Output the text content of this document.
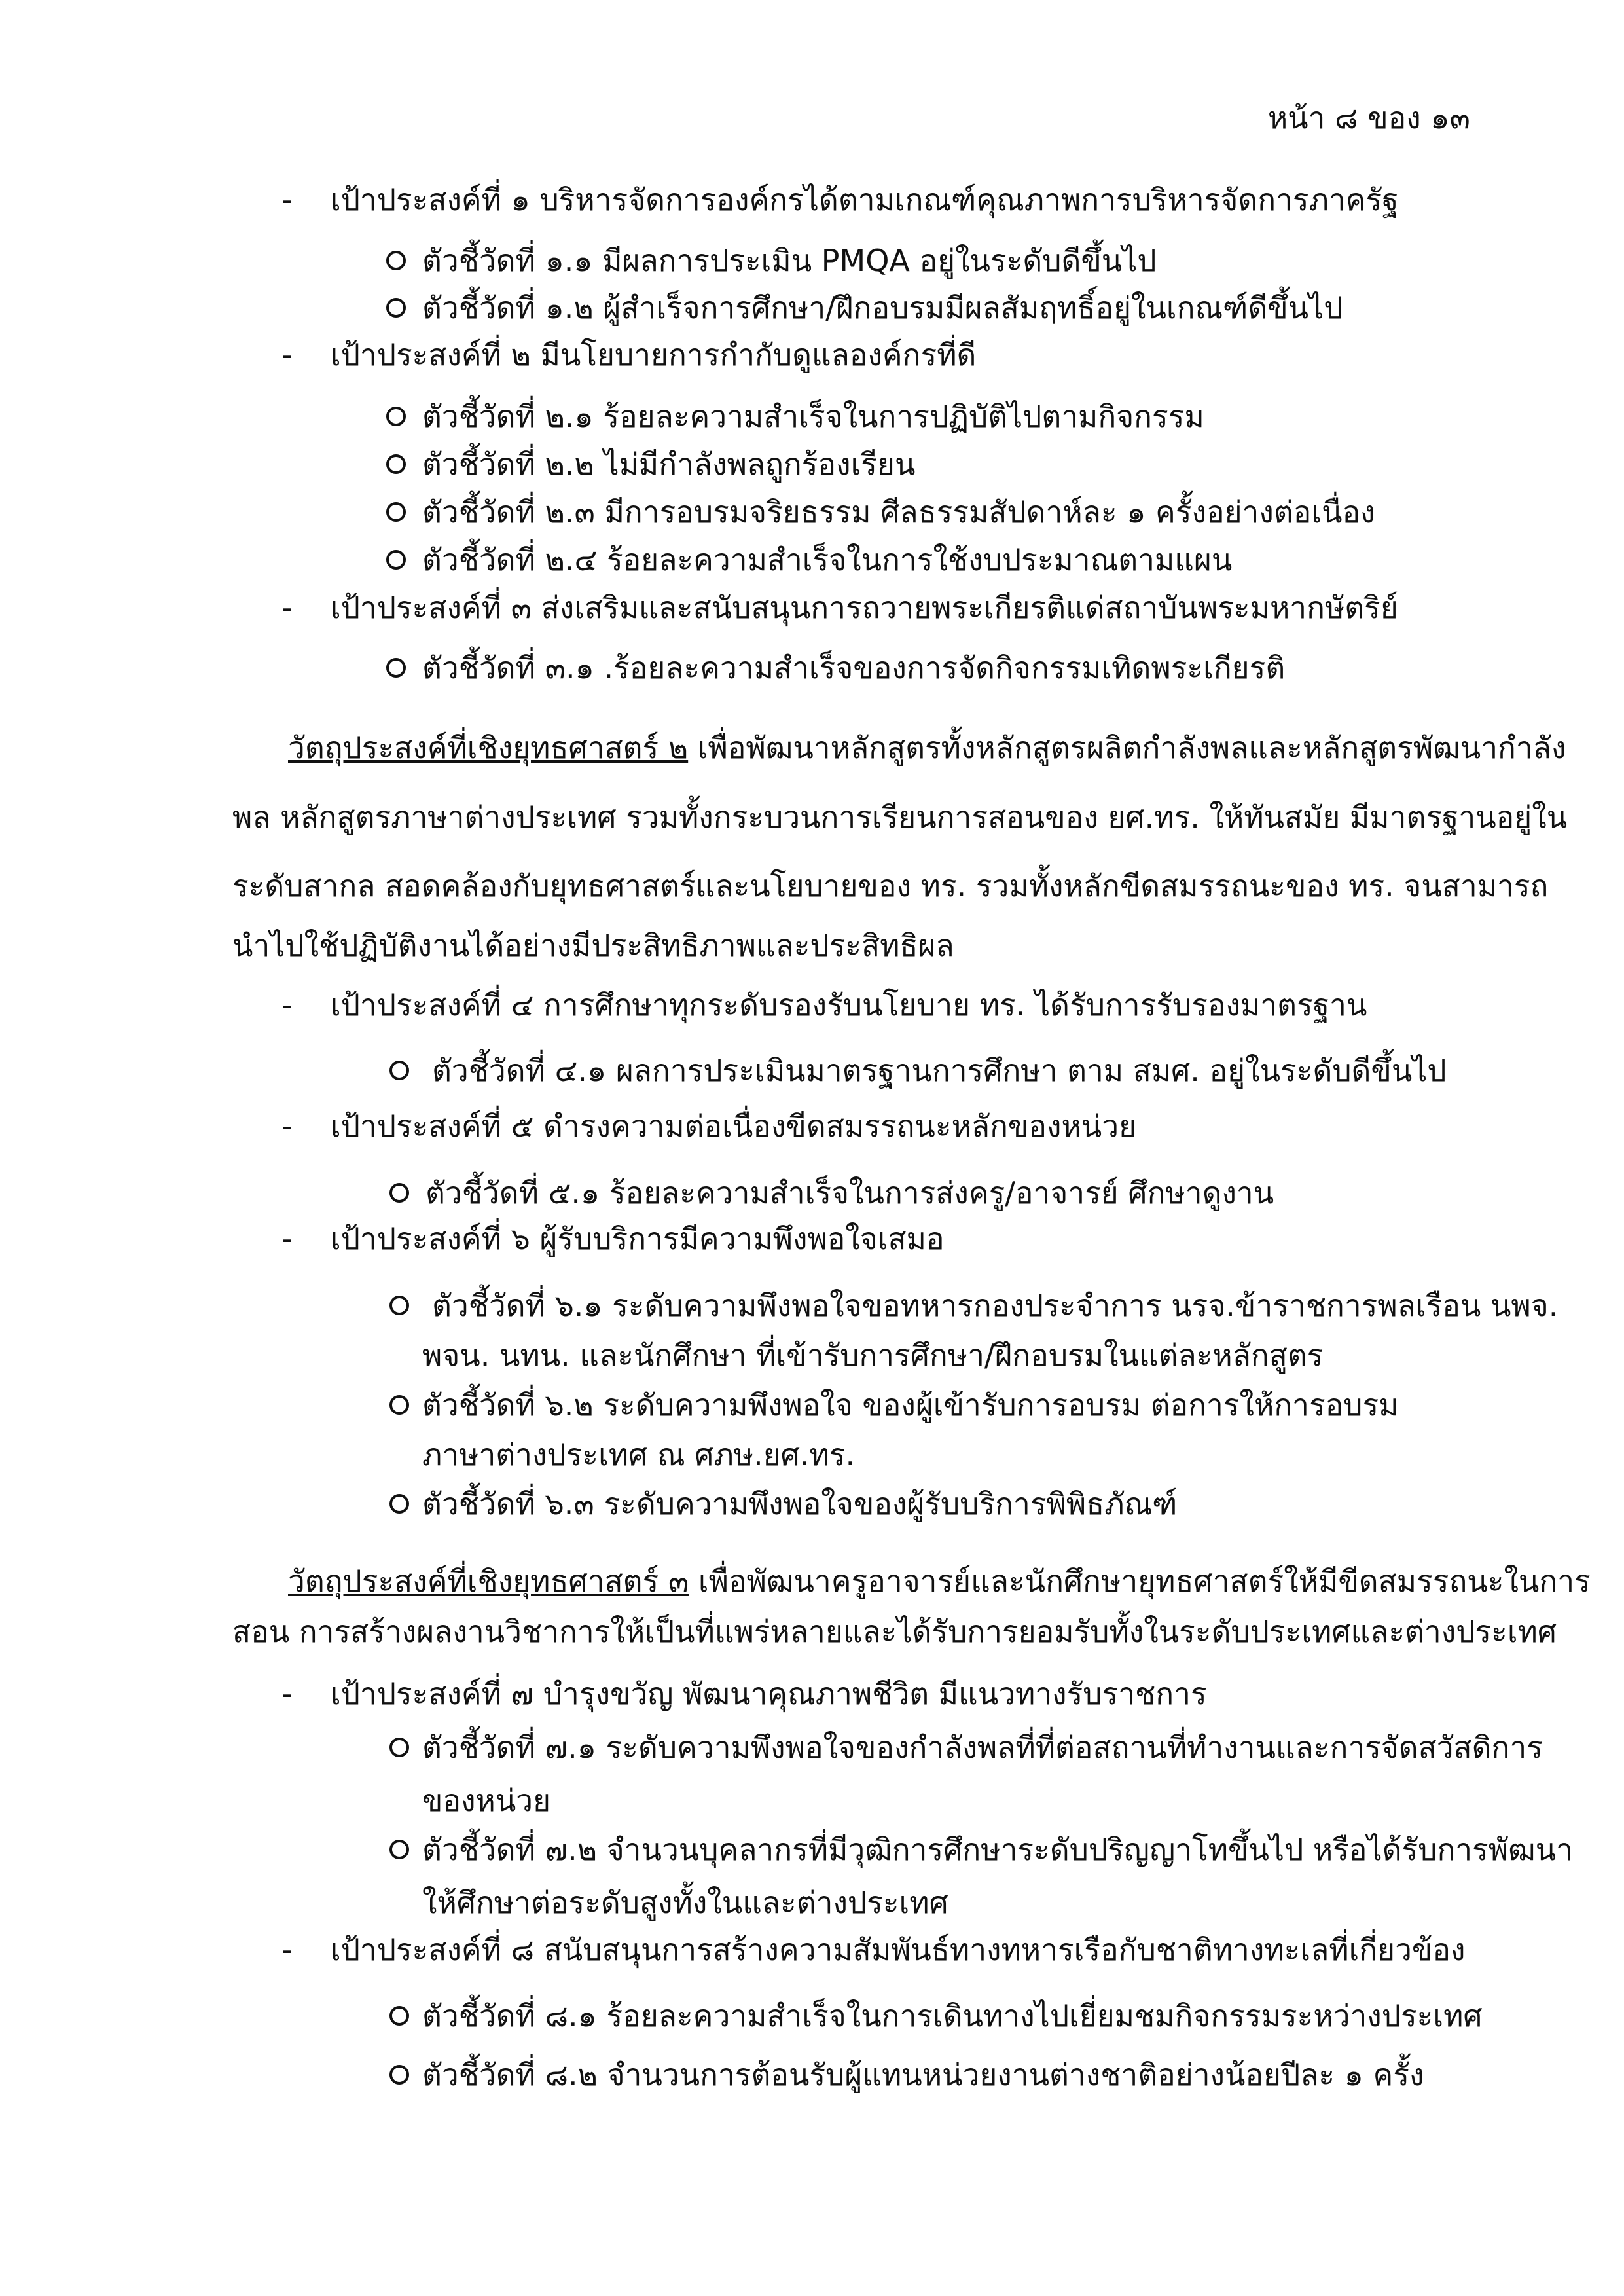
หน้า ๘ ของ ๑๓
- เป้าประสงค์ที่ ๑ บริหารจัดการองค์กรได้ตามเกณฑ์คุณภาพการบริหารจัดการภาครัฐ
ตัวชี้วัดที่ ๑.๑ มีผลการประเมิน PMQA อยู่ในระดับดีขึ้นไป
ตัวชี้วัดที่ ๑.๒ ผู้สำเร็จการศึกษา/ฝึกอบรมมีผลสัมฤทธิ์อยู่ในเกณฑ์ดีขึ้นไป
- เป้าประสงค์ที่ ๒ มีนโยบายการกำกับดูแลองค์กรที่ดี
ตัวชี้วัดที่ ๒.๑ ร้อยละความสำเร็จในการปฏิบัติไปตามกิจกรรม
ตัวชี้วัดที่ ๒.๒ ไม่มีกำลังพลถูกร้องเรียน
ตัวชี้วัดที่ ๒.๓ มีการอบรมจริยธรรม ศีลธรรมสัปดาห์ละ ๑ ครั้งอย่างต่อเนื่อง
ตัวชี้วัดที่ ๒.๔ ร้อยละความสำเร็จในการใช้งบประมาณตามแผน
- เป้าประสงค์ที่ ๓ ส่งเสริมและสนับสนุนการถวายพระเกียรติแด่สถาบันพระมหากษัตริย์
ตัวชี้วัดที่ ๓.๑ .ร้อยละความสำเร็จของการจัดกิจกรรมเทิดพระเกียรติ
วัตถุประสงค์ที่เชิงยุทธศาสตร์ ๒ เพื่อพัฒนาหลักสูตรทั้งหลักสูตรผลิตกำลังพลและหลักสูตรพัฒนากำลัง
พล หลักสูตรภาษาต่างประเทศ รวมทั้งกระบวนการเรียนการสอนของ ยศ.ทร. ให้ทันสมัย มีมาตรฐานอยู่ใน
ระดับสากล สอดคล้องกับยุทธศาสตร์และนโยบายของ ทร. รวมทั้งหลักขีดสมรรถนะของ ทร. จนสามารถ
นำไปใช้ปฏิบัติงานได้อย่างมีประสิทธิภาพและประสิทธิผล
- เป้าประสงค์ที่ ๔ การศึกษาทุกระดับรองรับนโยบาย ทร. ได้รับการรับรองมาตรฐาน
ตัวชี้วัดที่ ๔.๑ ผลการประเมินมาตรฐานการศึกษา ตาม สมศ. อยู่ในระดับดีขึ้นไป
- เป้าประสงค์ที่ ๕ ดำรงความต่อเนื่องขีดสมรรถนะหลักของหน่วย
ตัวชี้วัดที่ ๕.๑ ร้อยละความสำเร็จในการส่งครู/อาจารย์ ศึกษาดูงาน
- เป้าประสงค์ที่ ๖ ผู้รับบริการมีความพึงพอใจเสมอ
ตัวชี้วัดที่ ๖.๑ ระดับความพึงพอใจขอทหารกองประจำการ นรจ.ข้าราชการพลเรือน นพจ.
พจน. นทน. และนักศึกษา ที่เข้ารับการศึกษา/ฝึกอบรมในแต่ละหลักสูตร
ตัวชี้วัดที่ ๖.๒ ระดับความพึงพอใจ ของผู้เข้ารับการอบรม ต่อการให้การอบรม
ภาษาต่างประเทศ ณ ศภษ.ยศ.ทร.
ตัวชี้วัดที่ ๖.๓ ระดับความพึงพอใจของผู้รับบริการพิพิธภัณฑ์
วัตถุประสงค์ที่เชิงยุทธศาสตร์ ๓ เพื่อพัฒนาครูอาจารย์และนักศึกษายุทธศาสตร์ให้มีขีดสมรรถนะในการ
สอน การสร้างผลงานวิชาการให้เป็นที่แพร่หลายและได้รับการยอมรับทั้งในระดับประเทศและต่างประเทศ
- เป้าประสงค์ที่ ๗ บำรุงขวัญ พัฒนาคุณภาพชีวิต มีแนวทางรับราชการ
ตัวชี้วัดที่ ๗.๑ ระดับความพึงพอใจของกำลังพลที่ที่ต่อสถานที่ทำงานและการจัดสวัสดิการ
ของหน่วย
ตัวชี้วัดที่ ๗.๒ จำนวนบุคลากรที่มีวุฒิการศึกษาระดับปริญญาโทขึ้นไป หรือได้รับการพัฒนา
ให้ศึกษาต่อระดับสูงทั้งในและต่างประเทศ
- เป้าประสงค์ที่ ๘ สนับสนุนการสร้างความสัมพันธ์ทางทหารเรือกับชาติทางทะเลที่เกี่ยวข้อง
ตัวชี้วัดที่ ๘.๑ ร้อยละความสำเร็จในการเดินทางไปเยี่ยมชมกิจกรรมระหว่างประเทศ
ตัวชี้วัดที่ ๘.๒ จำนวนการต้อนรับผู้แทนหน่วยงานต่างชาติอย่างน้อยปีละ ๑ ครั้ง
